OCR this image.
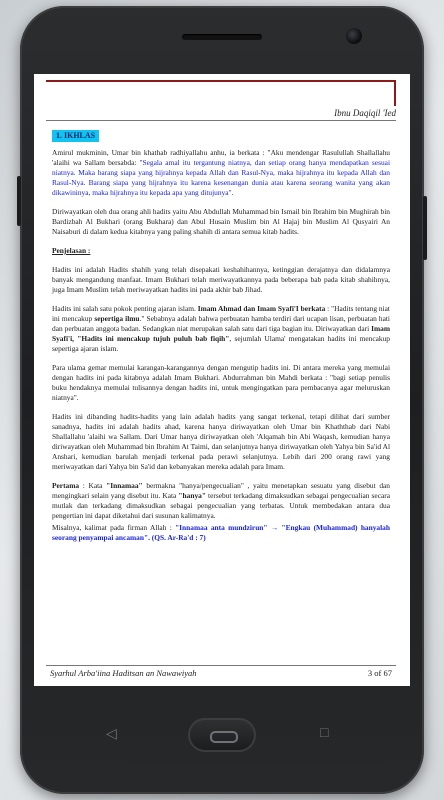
Ibnu Daqiqil 'Ied
1. IKHLAS

Amirul mukminin, Umar bin khathab radhiyallahu anhu, ia berkata : "Aku mendengar Rasulullah Shallallahu 'alaihi wa Sallam bersabda: "Segala amal itu tergantung niatnya, dan setiap orang hanya mendapatkan sesuai niatnya. Maka barang siapa yang hijrahnya kepada Allah dan Rasul-Nya, maka hijrahnya itu kepada Allah dan Rasul-Nya. Barang siapa yang hijrahnya itu karena kesenangan dunia atau karena seorang wanita yang akan dikawininya, maka hijrahnya itu kepada apa yang ditujunya".

Diriwayatkan oleh dua orang ahli hadits yaitu Abu Abdullah Muhammad bin Ismail bin Ibrahim bin Mughirah bin Bardizbah Al Bukhari (orang Bukhara) dan Abul Husain Muslim bin Al Hajaj bin Muslim Al Qusyairi An Naisaburi di dalam kedua kitabnya yang paling shahih di antara semua kitab hadits.

Penjelasan :

Hadits ini adalah Hadits shahih yang telah disepakati keshahihannya, ketinggian derajatnya dan didalamnya banyak mengandung manfaat. Imam Bukhari telah meriwayatkannya pada beberapa bab pada kitab shahihnya, juga Imam Muslim telah meriwayatkan hadits ini pada akhir bab Jihad.

Hadits ini salah satu pokok penting ajaran islam. Imam Ahmad dan Imam Syafi'I berkata : "Hadits tentang niat ini mencakup sepertiga ilmu." Sebabnya adalah bahwa perbuatan hamba terdiri dari ucapan lisan, perbuatan hati dan perbuatan anggota badan. Sedangkan niat merupakan salah satu dari tiga bagian itu. Diriwayatkan dari Imam Syafi'i, "Hadits ini mencakup tujuh puluh bab fiqih", sejumlah Ulama' mengatakan hadits ini mencakup sepertiga ajaran islam.

Para ulama gemar memulai karangan-karangannya dengan mengutip hadits ini. Di antara mereka yang memulai dengan hadits ini pada kitabnya adalah Imam Bukhari. Abdurrahman bin Mahdi berkata : "bagi setiap penulis buku hendaknya memulai tulisannya dengan hadits ini, untuk mengingatkan para pembacanya agar meluruskan niatnya".

Hadits ini dibanding hadits-hadits yang lain adalah hadits yang sangat terkenal, tetapi dilihat dari sumber sanadnya, hadits ini adalah hadits ahad, karena hanya diriwayatkan oleh Umar bin Khaththab dari Nabi Shallallahu 'alaihi wa Sallam. Dari Umar hanya diriwayatkan oleh 'Alqamah bin Abi Waqash, kemudian hanya diriwayatkan oleh Muhammad bin Ibrahim At Taimi, dan selanjutnya hanya diriwayatkan oleh Yahya bin Sa'id Al Anshari, kemudian barulah menjadi terkenal pada perawi selanjutnya. Lebih dari 200 orang rawi yang meriwayatkan dari Yahya bin Sa'id dan kebanyakan mereka adalah para Imam.

Pertama : Kata "Innamaa" bermakna "hanya/pengecualian" , yaitu menetapkan sesuatu yang disebut dan mengingkari selain yang disebut itu. Kata "hanya" tersebut terkadang dimaksudkan sebagai pengecualian secara mutlak dan terkadang dimaksudkan sebagai pengecualian yang terbatas. Untuk membedakan antara dua pengertian ini dapat diketahui dari susunan kalimatnya.

Misalnya, kalimat pada firman Allah : "Innamaa anta mundzirun" → "Engkau (Muhammad) hanyalah seorang penyampai ancaman". (QS. Ar-Ra'd : 7)

Syarhul Arba'iina Haditsan an Nawawiyah	3 of 67
◁	□
